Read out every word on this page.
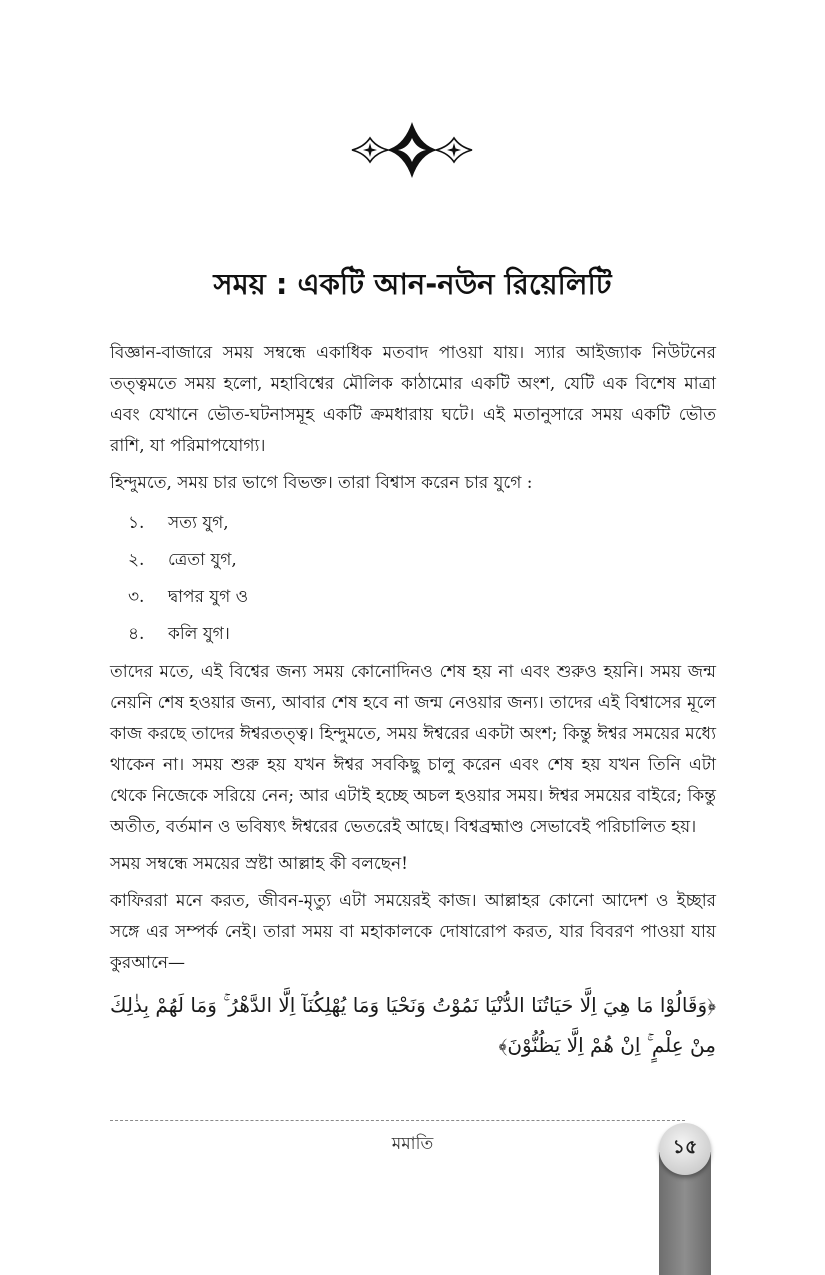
সময় : একটি আন-নউন রিয়েলিটি

বিজ্ঞান-বাজারে সময় সম্বন্ধে একাধিক মতবাদ পাওয়া যায়। স্যার আইজ্যাক নিউটনের তত্ত্বমতে সময় হলো, মহাবিশ্বের মৌলিক কাঠামোর একটি অংশ, যেটি এক বিশেষ মাত্রা এবং যেখানে ভৌত-ঘটনাসমূহ একটি ক্রমধারায় ঘটে। এই মতানুসারে সময় একটি ভৌত রাশি, যা পরিমাপযোগ্য।

হিন্দুমতে, সময় চার ভাগে বিভক্ত। তারা বিশ্বাস করেন চার যুগে :

১.	সত্য যুগ,
২.	ত্রেতা যুগ,
৩.	দ্বাপর যুগ ও
৪.	কলি যুগ।

তাদের মতে, এই বিশ্বের জন্য সময় কোনোদিনও শেষ হয় না এবং শুরুও হয়নি। সময় জন্ম নেয়নি শেষ হওয়ার জন্য, আবার শেষ হবে না জন্ম নেওয়ার জন্য। তাদের এই বিশ্বাসের মূলে কাজ করছে তাদের ঈশ্বরতত্ত্ব। হিন্দুমতে, সময় ঈশ্বরের একটা অংশ; কিন্তু ঈশ্বর সময়ের মধ্যে থাকেন না। সময় শুরু হয় যখন ঈশ্বর সবকিছু চালু করেন এবং শেষ হয় যখন তিনি এটা থেকে নিজেকে সরিয়ে নেন; আর এটাই হচ্ছে অচল হওয়ার সময়। ঈশ্বর সময়ের বাইরে; কিন্তু অতীত, বর্তমান ও ভবিষ্যৎ ঈশ্বরের ভেতরেই আছে। বিশ্বব্রহ্মাণ্ড সেভাবেই পরিচালিত হয়।

সময় সম্বন্ধে সময়ের স্রষ্টা আল্লাহ কী বলছেন!

কাফিররা মনে করত, জীবন-মৃত্যু এটা সময়েরই কাজ। আল্লাহর কোনো আদেশ ও ইচ্ছার সঙ্গে এর সম্পর্ক নেই। তারা সময় বা মহাকালকে দোষারোপ করত, যার বিবরণ পাওয়া যায় কুরআনে—

﴿وَقَالُوْا مَا هِيَ اِلَّا حَيَاتُنَا الدُّنْيَا نَمُوْتُ وَنَحْيَا وَمَا يُهْلِكُنَآ اِلَّا الدَّهْرُ ۚ وَمَا لَهُمْ بِذٰلِكَ مِنْ عِلْمٍ ۚ اِنْ هُمْ اِلَّا يَظُنُّوْنَ﴾

মমাতি	১৫
